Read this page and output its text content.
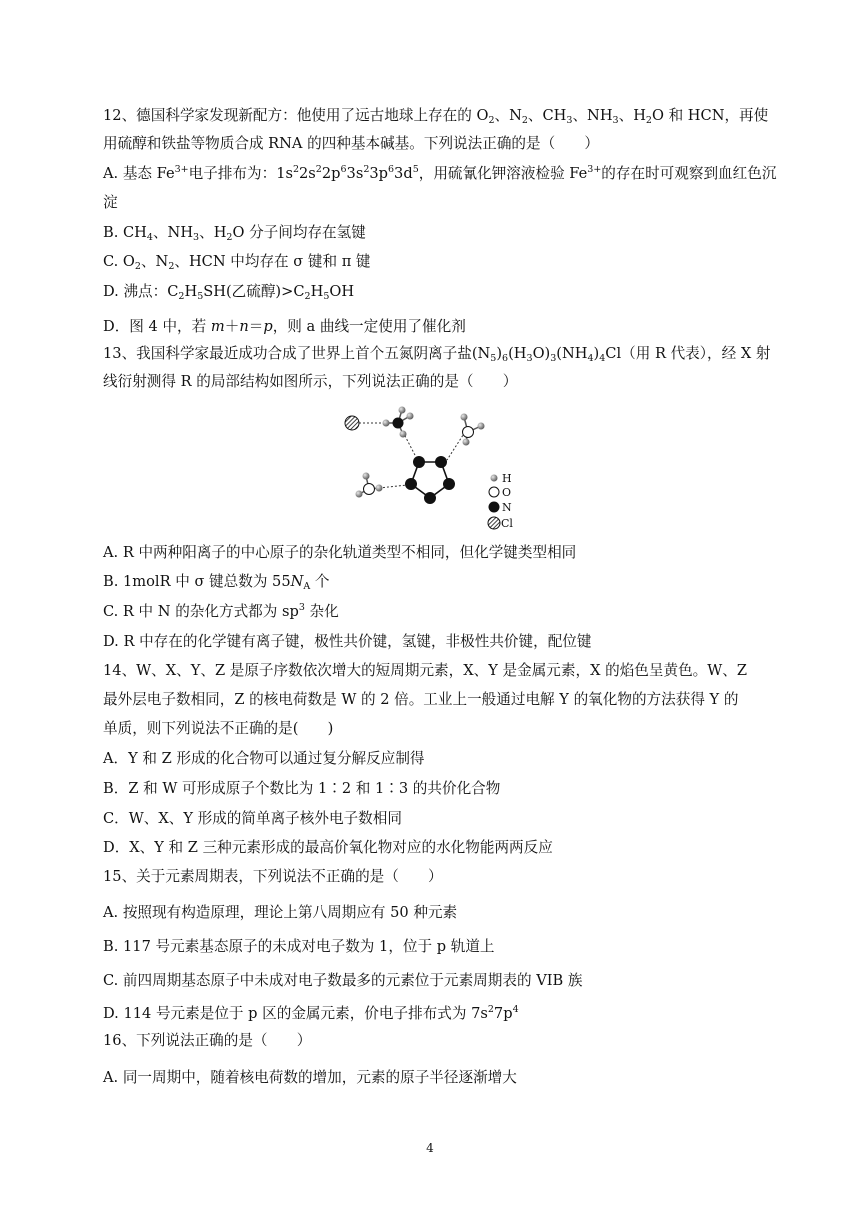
12、德国科学家发现新配方：他使用了远古地球上存在的 $O_2$、$N_2$、$CH_3$、$NH_3$、$H_2O$ 和 HCN，再使
用硫醇和铁盐等物质合成 RNA 的四种基本碱基。下列说法正确的是（　　）
A. 基态 $Fe^{3+}$电子排布为：$1s^22s^22p^63s^23p^63d^5$，用硫氰化钾溶液检验 $Fe^{3+}$的存在时可观察到血红色沉
淀
B. $CH_4$、$NH_3$、$H_2O$ 分子间均存在氢键
C. $O_2$、$N_2$、HCN 中均存在 σ 键和 π 键
D. 沸点：$C_2H_5SH$(乙硫醇)$>C_2H_5OH$
D．图 4 中，若 m＋n＝p，则 a 曲线一定使用了催化剂
13、我国科学家最近成功合成了世界上首个五氮阴离子盐$(N_5)_6(H_3O)_3(NH_4)_4Cl$（用 R 代表），经 X 射
线衍射测得 R 的局部结构如图所示，下列说法正确的是（　　）
H
O
N
Cl
A. R 中两种阳离子的中心原子的杂化轨道类型不相同，但化学键类型相同
B. 1molR 中 σ 键总数为 $55N_A$ 个
C. R 中 N 的杂化方式都为 $sp^3$ 杂化
D. R 中存在的化学键有离子键，极性共价键，氢键，非极性共价键，配位键
14、W、X、Y、Z 是原子序数依次增大的短周期元素，X、Y 是金属元素，X 的焰色呈黄色。W、Z
最外层电子数相同，Z 的核电荷数是 W 的 2 倍。工业上一般通过电解 Y 的氧化物的方法获得 Y 的
单质，则下列说法不正确的是(　　)
A．Y 和 Z 形成的化合物可以通过复分解反应制得
B．Z 和 W 可形成原子个数比为 1∶2 和 1∶3 的共价化合物
C．W、X、Y 形成的简单离子核外电子数相同
D．X、Y 和 Z 三种元素形成的最高价氧化物对应的水化物能两两反应
15、关于元素周期表，下列说法不正确的是（　　）
A. 按照现有构造原理，理论上第八周期应有 50 种元素
B. 117 号元素基态原子的未成对电子数为 1，位于 p 轨道上
C. 前四周期基态原子中未成对电子数最多的元素位于元素周期表的 VIB 族
D. 114 号元素是位于 p 区的金属元素，价电子排布式为 $7s^27p^4$
16、下列说法正确的是（　　）
A. 同一周期中，随着核电荷数的增加，元素的原子半径逐渐增大
4
